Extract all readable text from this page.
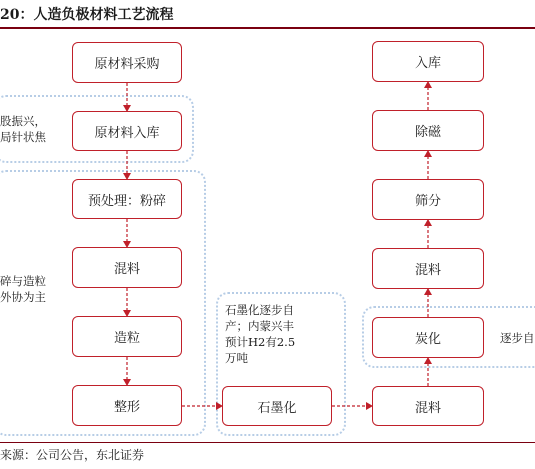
20：人造负极材料工艺流程
原材料采购
原材料入库
预处理：粉碎
混料
造粒
整形	石墨化	混料
炭化
混料
筛分
除磁
入库
股振兴，
局针状焦
碎与造粒
外协为主
石墨化逐步自
产；内蒙兴丰
预计H2有2.5
万吨
逐步自
来源：公司公告，东北证券
